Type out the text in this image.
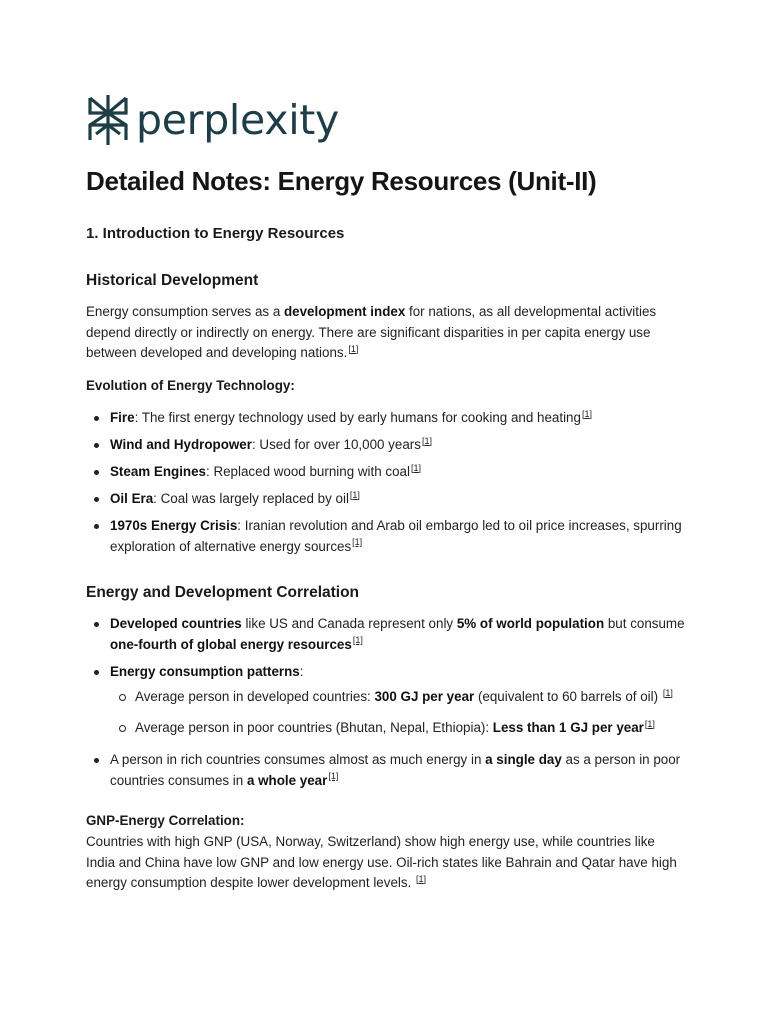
perplexity
Detailed Notes: Energy Resources (Unit-II)
1. Introduction to Energy Resources
Historical Development

Energy consumption serves as a development index for nations, as all developmental activities depend directly or indirectly on energy. There are significant disparities in per capita energy use between developed and developing nations.[1]

Evolution of Energy Technology:
Fire: The first energy technology used by early humans for cooking and heating[1]
Wind and Hydropower: Used for over 10,000 years[1]
Steam Engines: Replaced wood burning with coal[1]
Oil Era: Coal was largely replaced by oil[1]
1970s Energy Crisis: Iranian revolution and Arab oil embargo led to oil price increases, spurring exploration of alternative energy sources[1]
Energy and Development Correlation
Developed countries like US and Canada represent only 5% of world population but consume one-fourth of global energy resources[1]
Energy consumption patterns:
Average person in developed countries: 300 GJ per year (equivalent to 60 barrels of oil) [1]
Average person in poor countries (Bhutan, Nepal, Ethiopia): Less than 1 GJ per year[1]
A person in rich countries consumes almost as much energy in a single day as a person in poor countries consumes in a whole year[1]
GNP-Energy Correlation:

Countries with high GNP (USA, Norway, Switzerland) show high energy use, while countries like India and China have low GNP and low energy use. Oil-rich states like Bahrain and Qatar have high energy consumption despite lower development levels. [1]
